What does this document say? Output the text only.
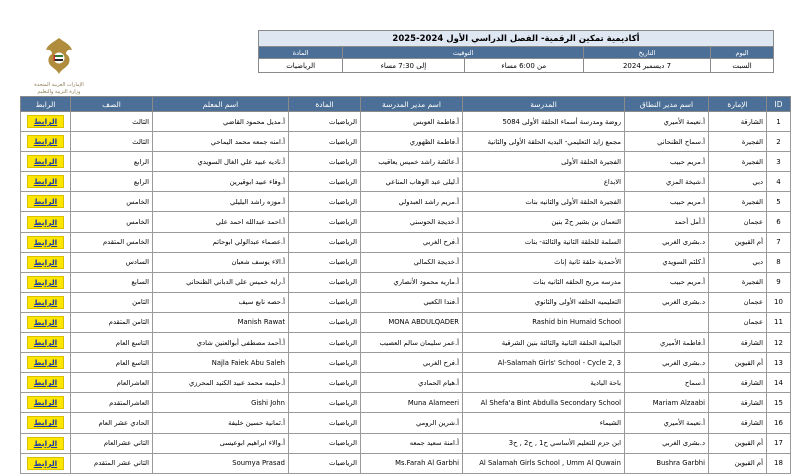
الإمارات العربية المتحدة
وزارة التربية والتعليم
أكاديمية تمكين الرقمية- الفصل الدراسي الأول 2024-2025				
اليوم	التاريخ	التوقيت		المادة
السبت	7 ديسمبر 2024	من 6:00 مساء	إلى 7:30 مساء	الرياضيات
ID	الإمارة	اسم مدير النطاق	المدرسة	اسم مدير المدرسة	المادة	اسم المعلم	الصف	الرابط
1	الشارقة	أ.نعيمة الأميري	روضة ومدرسة أسماء الحلقة الأولى 5084	أ.فاطمة العوبس	الرياضيات	أ.مديل محمود القاضي	الثالث	الرابط
2	الفجيرة	أ.سماح الظنحاني	مجمع زايد التعليمي- البديه الحلقة الأولى والثانية	أ.فاطمة الظهوري	الرياضيات	أ.امنه جمعه محمد اليماحي	الثالث	الرابط
3	الفجيرة	أ.مريم حبيب	الفجيرة الحلقة الأولى	أ.عائشة راشد خميس يعاقيب	الرياضيات	أ.ناديه عبيد علي الغال السويدي	الرابع	الرابط
4	دبي	أ.شيخة المزي	الابداع	أ.ليلى عبد الوهاب المناعي	الرياضيات	أ.وفاء عبيد ابوقيرين	الرابع	الرابط
5	الفجيرة	أ.مريم حبيب	الفجيرة الحلقة الأولى والثانيه بنات	أ.مريم راشد العبدولي	الرياضيات	أ.موزه راشد اليليلي	الخامس	الرابط
6	عجمان	أ.أمل أحمد	النعمان بن بشير ح2 بنين	أ.خديجة الحوسني	الرياضيات	أ.احمد عبدالله احمد علي	الخامس	الرابط
7	أم القيوين	د.بشرى الغربي	السلمة للحلقة الثانية والثالثة- بنات	أ.فرح الغربي	الرياضيات	أ.عصماء عبدالولي ابوحاتم	الخامس المتقدم	الرابط
8	دبي	أ.كلثم السويدي	الأحمدية حلقة ثانية إناث	أ.خديجة الكمالي	الرياضيات	أ.الاء يوسف شعبان	السادس	الرابط
9	الفجيرة	أ.مريم حبيب	مدرسه مربح الحلقه الثانيه بنات	أ.ماريه محمود الأنصاري	الرياضيات	أ.رايه خميس علي الدباني الظنحاني	السابع	الرابط
10	عجمان	د.بشرى الغربي	التعليميه الحلقه الأولى والثانوي	أ.فندا الكعبي	الرياضيات	أ.حصه نايع سيف	الثامن	الرابط
11	عجمان		Rashid bin Humaid School	MONA ABDULQADER	الرياضيات	Manish Rawat	الثامن المتقدم	الرابط
12	الشارقة	أ.فاطمة الأميري	الجالمية الحلقة الثانية والثالثة بنين الشرقية	أ.عمر سليمان سالم العصيب	الرياضيات	أ.أحمد مصطفى أبوالعنين شادي	التاسع العام	الرابط
13	أم القيوين	د.بشرى الغربي	Al-Salamah Girls' School - Cycle 2, 3	أ.فرح الغربي	الرياضيات	Najla Faiek Abu Saleh	التاسع العام	الرابط
14	الشارقة	أ.سماح	باحة البادية	أ.هيام الحمادي	الرياضيات	أ.حليمه محمد عبيد الكنيد المحرزي	العاشرالعام	الرابط
15	الشارقة	Mariam Alzaabi	Al Shefa'a Bint Abdulla Secondary School	Muna Alameeri	الرياضيات	Gishi John	العاشرالمتقدم	الرابط
16	الشارقة	أ.نعيمة الأميري	الشيماء	أ.شرين الرومي	الرياضيات	أ.ثمانية حسين خليفة	الحادي عشر العام	الرابط
17	أم القيوين	د.بشرى الغربي	ابن حزم للتعليم الأساسي ح1 , ح2 , ح3	أ.امنة سعيد جمعه	الرياضيات	أ.والاء ابراهيم ابوعيسى	الثاني عشرالعام	الرابط
18	أم القيوين	Bushra Garbhi	Al Salamah Girls School , Umm Al Quwain	Ms.Farah Al Garbhi	الرياضيات	Soumya Prasad	الثاني عشر المتقدم	الرابط
